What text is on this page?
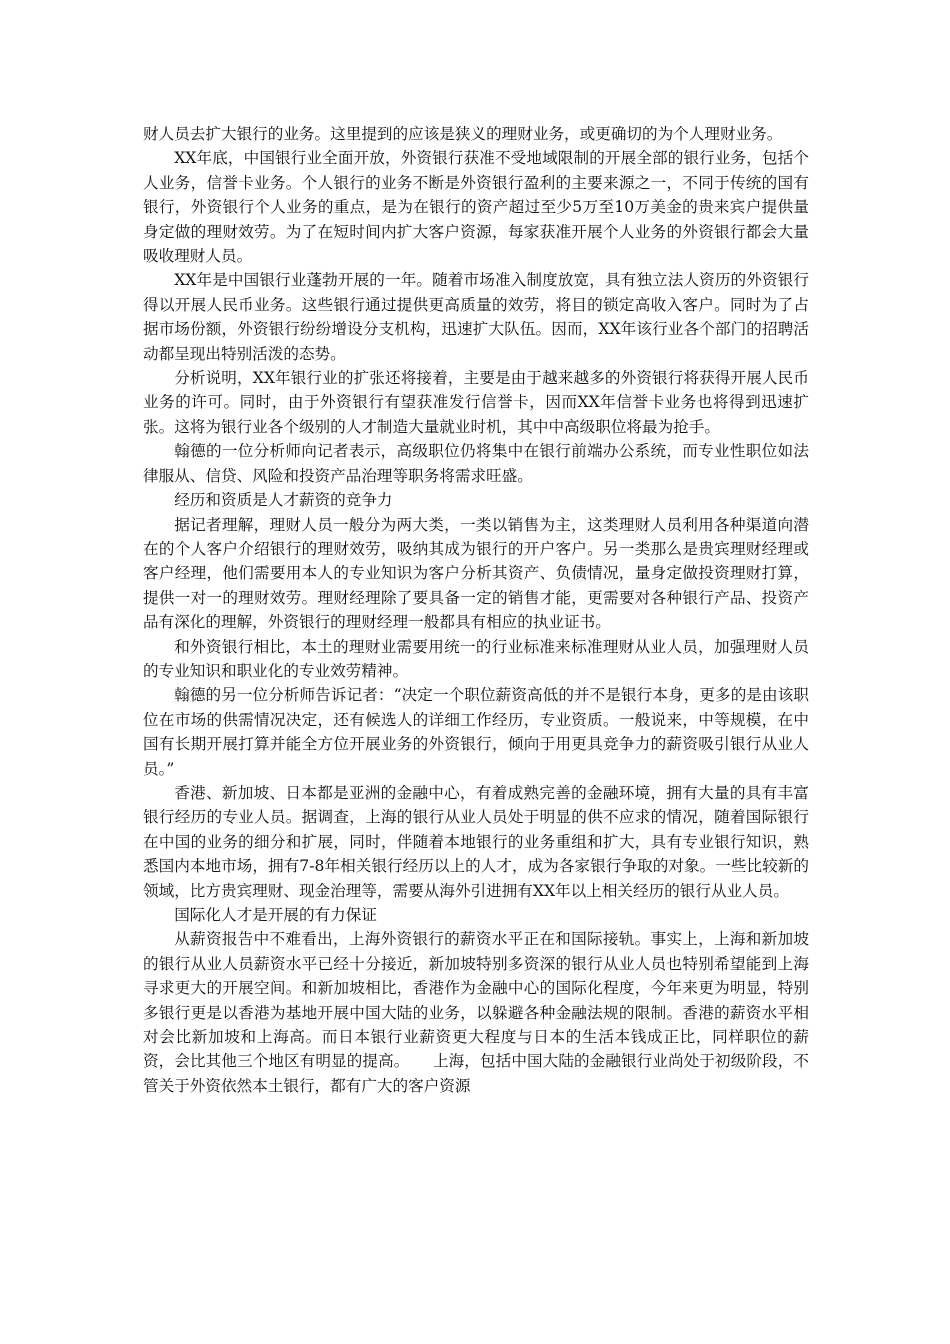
财人员去扩大银行的业务。这里提到的应该是狭义的理财业务，或更确切的为个人理财业务。

XX年底，中国银行业全面开放，外资银行获准不受地域限制的开展全部的银行业务，包括个人业务，信誉卡业务。个人银行的业务不断是外资银行盈利的主要来源之一，不同于传统的国有银行，外资银行个人业务的重点，是为在银行的资产超过至少5万至10万美金的贵来宾户提供量身定做的理财效劳。为了在短时间内扩大客户资源，每家获准开展个人业务的外资银行都会大量吸收理财人员。

XX年是中国银行业蓬勃开展的一年。随着市场准入制度放宽，具有独立法人资历的外资银行得以开展人民币业务。这些银行通过提供更高质量的效劳，将目的锁定高收入客户。同时为了占据市场份额，外资银行纷纷增设分支机构，迅速扩大队伍。因而，XX年该行业各个部门的招聘活动都呈现出特别活泼的态势。

分析说明，XX年银行业的扩张还将接着，主要是由于越来越多的外资银行将获得开展人民币业务的许可。同时，由于外资银行有望获准发行信誉卡，因而XX年信誉卡业务也将得到迅速扩张。这将为银行业各个级别的人才制造大量就业时机，其中中高级职位将最为抢手。

翰德的一位分析师向记者表示，高级职位仍将集中在银行前端办公系统，而专业性职位如法律服从、信贷、风险和投资产品治理等职务将需求旺盛。

经历和资质是人才薪资的竞争力

据记者理解，理财人员一般分为两大类，一类以销售为主，这类理财人员利用各种渠道向潜在的个人客户介绍银行的理财效劳，吸纳其成为银行的开户客户。另一类那么是贵宾理财经理或客户经理，他们需要用本人的专业知识为客户分析其资产、负债情况，量身定做投资理财打算，提供一对一的理财效劳。理财经理除了要具备一定的销售才能，更需要对各种银行产品、投资产品有深化的理解，外资银行的理财经理一般都具有相应的执业证书。

和外资银行相比，本土的理财业需要用统一的行业标准来标准理财从业人员，加强理财人员的专业知识和职业化的专业效劳精神。

翰德的另一位分析师告诉记者：“决定一个职位薪资高低的并不是银行本身，更多的是由该职位在市场的供需情况决定，还有候选人的详细工作经历，专业资质。一般说来，中等规模，在中国有长期开展打算并能全方位开展业务的外资银行，倾向于用更具竞争力的薪资吸引银行从业人员。”

香港、新加坡、日本都是亚洲的金融中心，有着成熟完善的金融环境，拥有大量的具有丰富银行经历的专业人员。据调查，上海的银行从业人员处于明显的供不应求的情况，随着国际银行在中国的业务的细分和扩展，同时，伴随着本地银行的业务重组和扩大，具有专业银行知识，熟悉国内本地市场，拥有7-8年相关银行经历以上的人才，成为各家银行争取的对象。一些比较新的领域，比方贵宾理财、现金治理等，需要从海外引进拥有XX年以上相关经历的银行从业人员。

国际化人才是开展的有力保证

从薪资报告中不难看出，上海外资银行的薪资水平正在和国际接轨。事实上，上海和新加坡的银行从业人员薪资水平已经十分接近，新加坡特别多资深的银行从业人员也特别希望能到上海寻求更大的开展空间。和新加坡相比，香港作为金融中心的国际化程度，今年来更为明显，特别多银行更是以香港为基地开展中国大陆的业务，以躲避各种金融法规的限制。香港的薪资水平相对会比新加坡和上海高。而日本银行业薪资更大程度与日本的生活本钱成正比，同样职位的薪资，会比其他三个地区有明显的提高。　　上海，包括中国大陆的金融银行业尚处于初级阶段，不管关于外资依然本土银行，都有广大的客户资源
